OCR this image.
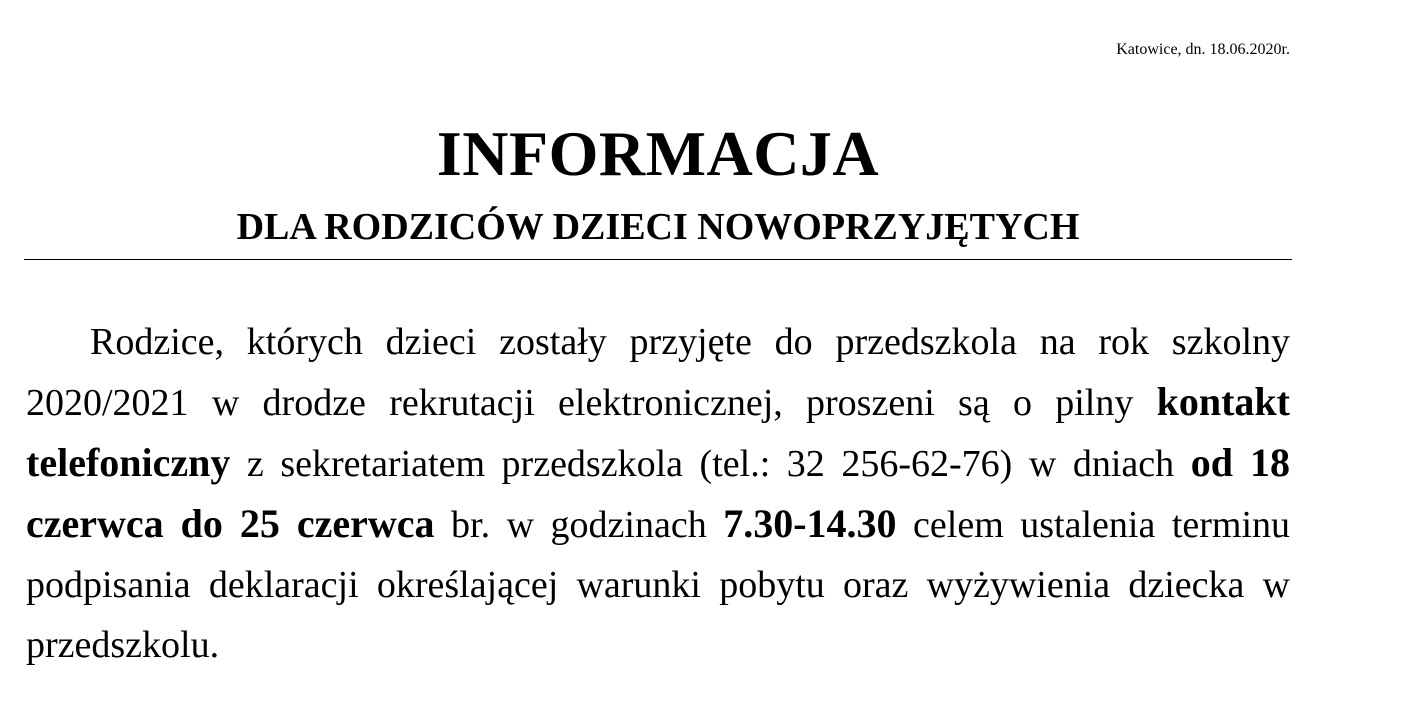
Katowice, dn. 18.06.2020r.
INFORMACJA
DLA RODZICÓW DZIECI NOWOPRZYJĘTYCH

Rodzice, których dzieci zostały przyjęte do przedszkola na rok szkolny 2020/2021 w drodze rekrutacji elektronicznej, proszeni są o pilny kontakt telefoniczny z sekretariatem przedszkola (tel.: 32 256-62-76) w dniach od 18 czerwca do 25 czerwca br. w godzinach 7.30-14.30 celem ustalenia terminu podpisania deklaracji określającej warunki pobytu oraz wyżywienia dziecka w przedszkolu.
